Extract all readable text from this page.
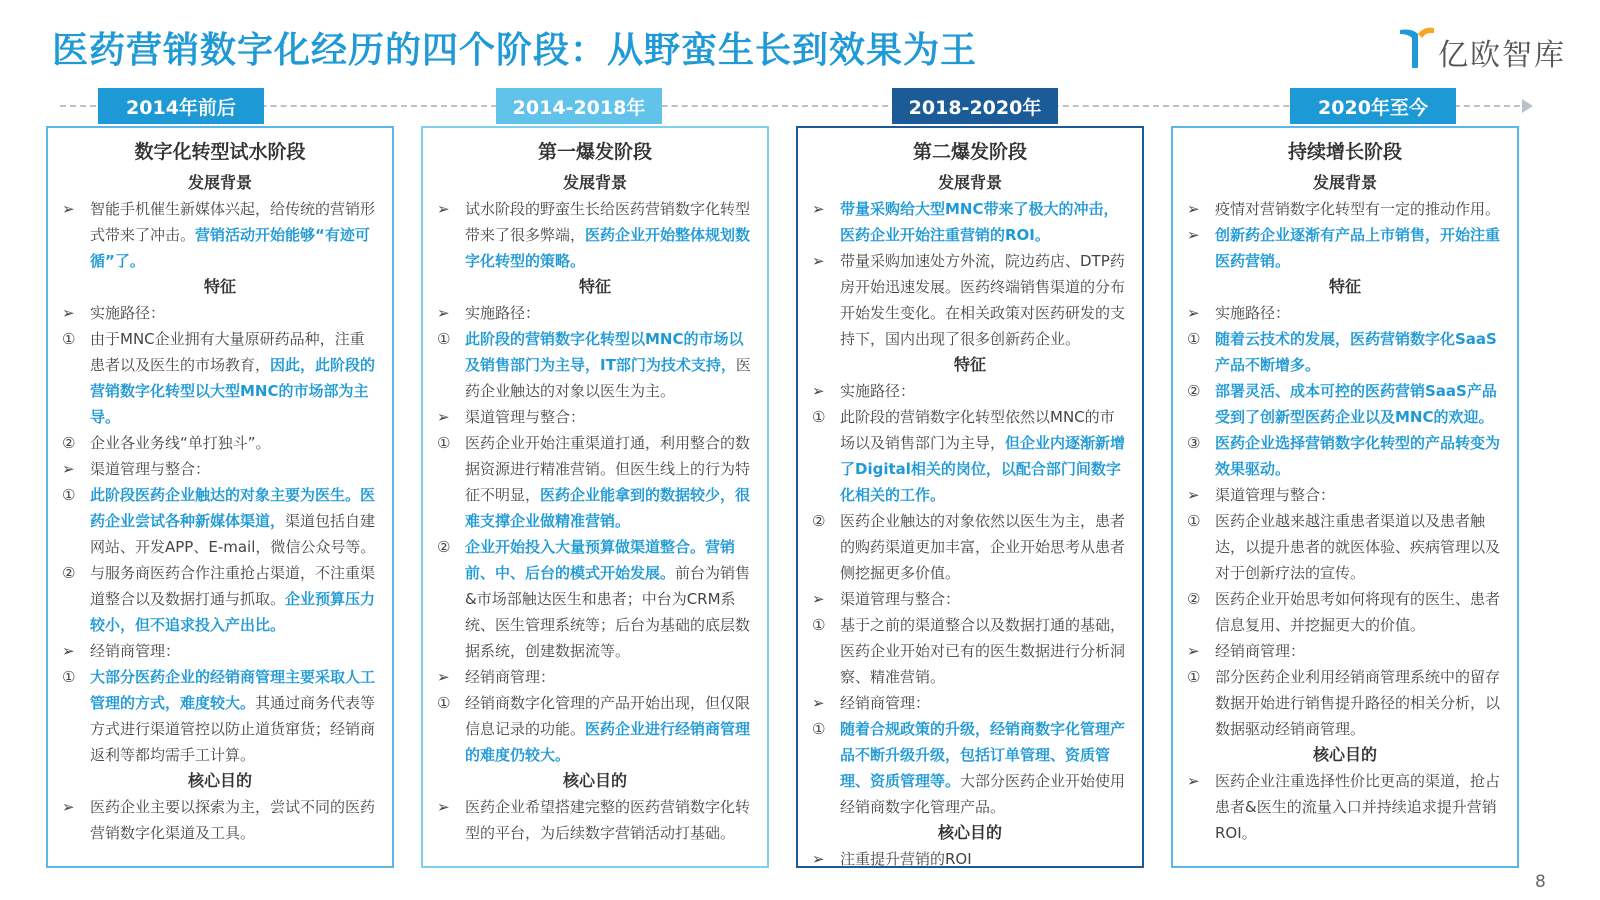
医药营销数字化经历的四个阶段：从野蛮生长到效果为王	亿欧智库
2014年前后	2014-2018年	2018-2020年	2020年至今
数字化转型试水阶段
发展背景
➢	智能手机催生新媒体兴起，给传统的营销形式带来了冲击。营销活动开始能够“有迹可循”了。
特征
➢	实施路径：
① 由于MNC企业拥有大量原研药品种，注重患者以及医生的市场教育，因此，此阶段的营销数字化转型以大型MNC的市场部为主导。
② 企业各业务线“单打独斗”。
➢	渠道管理与整合：
① 此阶段医药企业触达的对象主要为医生。医药企业尝试各种新媒体渠道，渠道包括自建网站、开发APP、E-mail，微信公众号等。
② 与服务商医药合作注重抢占渠道，不注重渠道整合以及数据打通与抓取。企业预算压力较小，但不追求投入产出比。
➢	经销商管理：
① 大部分医药企业的经销商管理主要采取人工管理的方式，难度较大。其通过商务代表等方式进行渠道管控以防止道货窜货；经销商返利等都均需手工计算。
核心目的
➢	医药企业主要以探索为主，尝试不同的医药营销数字化渠道及工具。
第一爆发阶段
发展背景
➢	试水阶段的野蛮生长给医药营销数字化转型带来了很多弊端，医药企业开始整体规划数字化转型的策略。
特征
➢	实施路径：
① 此阶段的营销数字化转型以MNC的市场以及销售部门为主导，IT部门为技术支持，医药企业触达的对象以医生为主。
➢	渠道管理与整合：
① 医药企业开始注重渠道打通，利用整合的数据资源进行精准营销。但医生线上的行为特征不明显，医药企业能拿到的数据较少，很难支撑企业做精准营销。
② 企业开始投入大量预算做渠道整合。营销前、中、后台的模式开始发展。前台为销售&市场部触达医生和患者；中台为CRM系统、医生管理系统等；后台为基础的底层数据系统，创建数据流等。
➢	经销商管理：
① 经销商数字化管理的产品开始出现，但仅限信息记录的功能。医药企业进行经销商管理的难度仍较大。
核心目的
➢	医药企业希望搭建完整的医药营销数字化转型的平台，为后续数字营销活动打基础。
第二爆发阶段
发展背景
➢	带量采购给大型MNC带来了极大的冲击，医药企业开始注重营销的ROI。
➢	带量采购加速处方外流，院边药店、DTP药房开始迅速发展。医药终端销售渠道的分布开始发生变化。在相关政策对医药研发的支持下，国内出现了很多创新药企业。
特征
➢	实施路径：
① 此阶段的营销数字化转型依然以MNC的市场以及销售部门为主导，但企业内逐渐新增了Digital相关的岗位，以配合部门间数字化相关的工作。
② 医药企业触达的对象依然以医生为主，患者的购药渠道更加丰富，企业开始思考从患者侧挖掘更多价值。
➢	渠道管理与整合：
① 基于之前的渠道整合以及数据打通的基础，医药企业开始对已有的医生数据进行分析洞察、精准营销。
➢	经销商管理：
① 随着合规政策的升级，经销商数字化管理产品不断升级升级，包括订单管理、资质管理、资质管理等。大部分医药企业开始使用经销商数字化管理产品。
核心目的
➢	注重提升营销的ROI
持续增长阶段
发展背景
➢	疫情对营销数字化转型有一定的推动作用。
➢	创新药企业逐渐有产品上市销售，开始注重医药营销。
特征
➢	实施路径：
① 随着云技术的发展，医药营销数字化SaaS产品不断增多。
② 部署灵活、成本可控的医药营销SaaS产品受到了创新型医药企业以及MNC的欢迎。
③ 医药企业选择营销数字化转型的产品转变为效果驱动。
➢	渠道管理与整合：
① 医药企业越来越注重患者渠道以及患者触达，以提升患者的就医体验、疾病管理以及对于创新疗法的宣传。
② 医药企业开始思考如何将现有的医生、患者信息复用、并挖掘更大的价值。
➢	经销商管理：
① 部分医药企业利用经销商管理系统中的留存数据开始进行销售提升路径的相关分析，以数据驱动经销商管理。
核心目的
➢	医药企业注重选择性价比更高的渠道，抢占患者&医生的流量入口并持续追求提升营销ROI。
8
